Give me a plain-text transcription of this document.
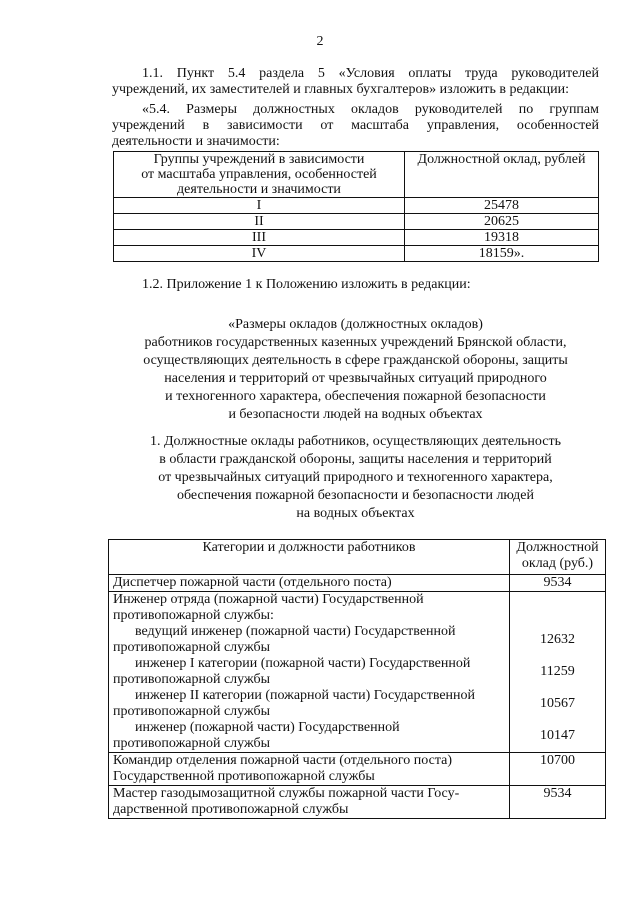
2
1.1. Пункт 5.4 раздела 5 «Условия оплаты труда руководителей
учреждений, их заместителей и главных бухгалтеров» изложить в редакции:
«5.4. Размеры должностных окладов руководителей по группам
учреждений в зависимости от масштаба управления, особенностей
деятельности и значимости:
Группы учреждений в зависимости
от масштаба управления, особенностей
деятельности и значимости	Должностной оклад, рублей
I	25478
II	20625
III	19318
IV	18159».
1.2. Приложение 1 к Положению изложить в редакции:
«Размеры окладов (должностных окладов)
работников государственных казенных учреждений Брянской области,
осуществляющих деятельность в сфере гражданской обороны, защиты
населения и территорий от чрезвычайных ситуаций природного
и техногенного характера, обеспечения пожарной безопасности
и безопасности людей на водных объектах
1. Должностные оклады работников, осуществляющих деятельность
в области гражданской обороны, защиты населения и территорий
от чрезвычайных ситуаций природного и техногенного характера,
обеспечения пожарной безопасности и безопасности людей
на водных объектах
Категории и должности работников	Должностной
оклад (руб.)

Диспетчер пожарной части (отдельного поста)	9534

Инженер отряда (пожарной части) Государственной
противопожарной службы:	

ведущий инженер (пожарной части) Государственной
противопожарной службы	12632

инженер I категории (пожарной части) Государственной
противопожарной службы	11259

инженер II категории (пожарной части) Государственной
противопожарной службы	10567

инженер (пожарной части) Государственной
противопожарной службы	10147

Командир отделения пожарной части (отдельного поста)
Государственной противопожарной службы	10700

Мастер газодымозащитной службы пожарной части Госу-
дарственной противопожарной службы	9534
